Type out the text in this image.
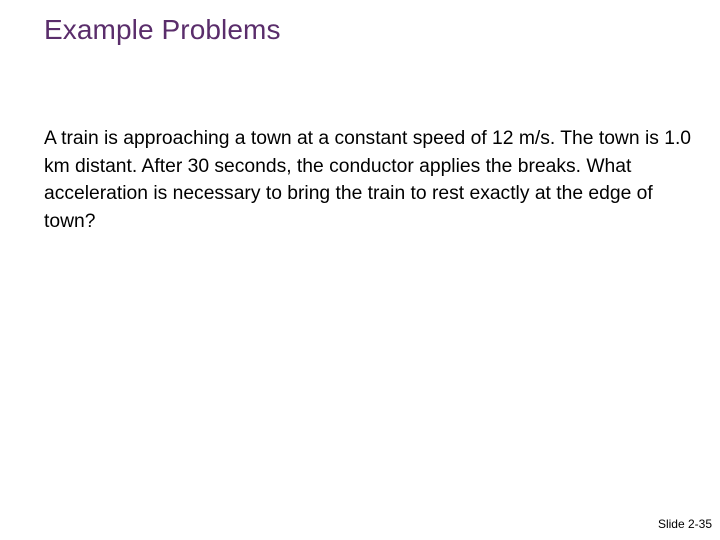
Example Problems

A train is approaching a town at a constant speed of 12 m/s. The town is 1.0 km distant. After 30 seconds, the conductor applies the breaks. What acceleration is necessary to bring the train to rest exactly at the edge of town?

Slide 2-35
